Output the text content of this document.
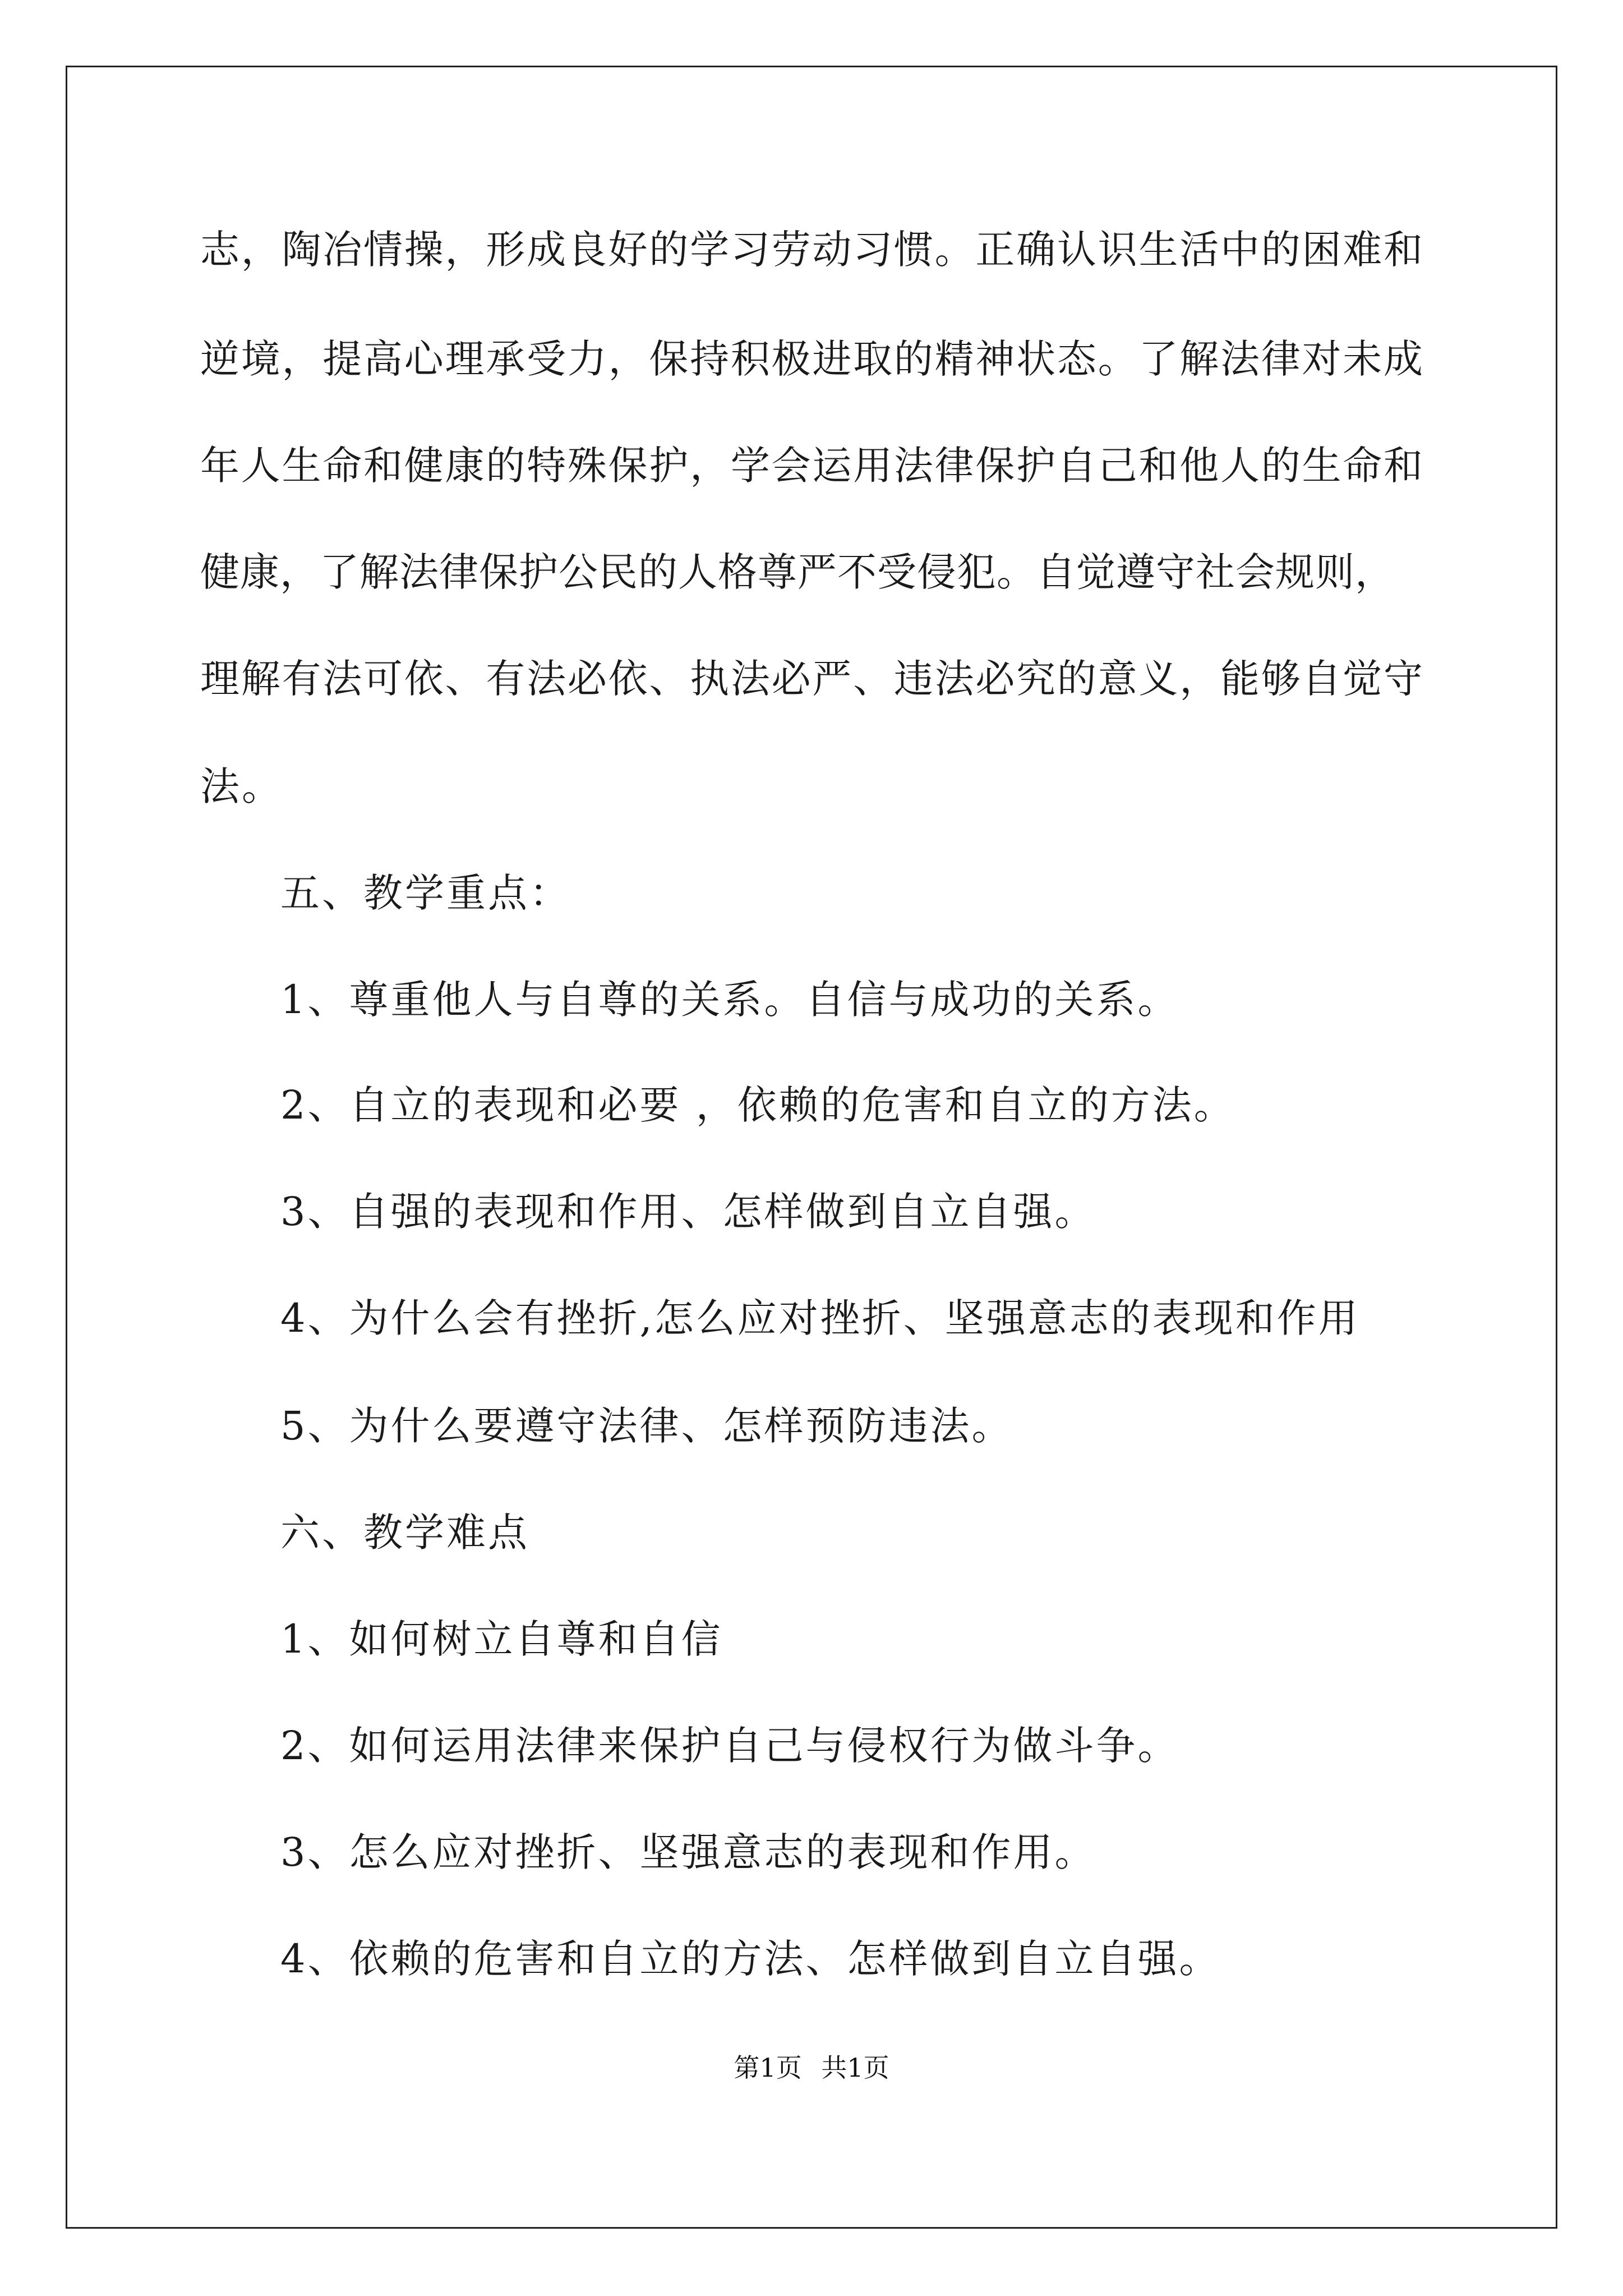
志，陶冶情操，形成良好的学习劳动习惯。正确认识生活中的困难和
逆境，提高心理承受力，保持积极进取的精神状态。了解法律对未成
年人生命和健康的特殊保护，学会运用法律保护自己和他人的生命和
健康，了解法律保护公民的人格尊严不受侵犯。自觉遵守社会规则，
理解有法可依、有法必依、执法必严、违法必究的意义，能够自觉守
法。
五、教学重点：
1、尊重他人与自尊的关系。自信与成功的关系。
2、自立的表现和必要 ，依赖的危害和自立的方法。
3、自强的表现和作用、怎样做到自立自强。
4、为什么会有挫折,怎么应对挫折、坚强意志的表现和作用
5、为什么要遵守法律、怎样预防违法。
六、教学难点
1、如何树立自尊和自信
2、如何运用法律来保护自己与侵权行为做斗争。
3、怎么应对挫折、坚强意志的表现和作用。
4、依赖的危害和自立的方法、怎样做到自立自强。
第1页 共1页
